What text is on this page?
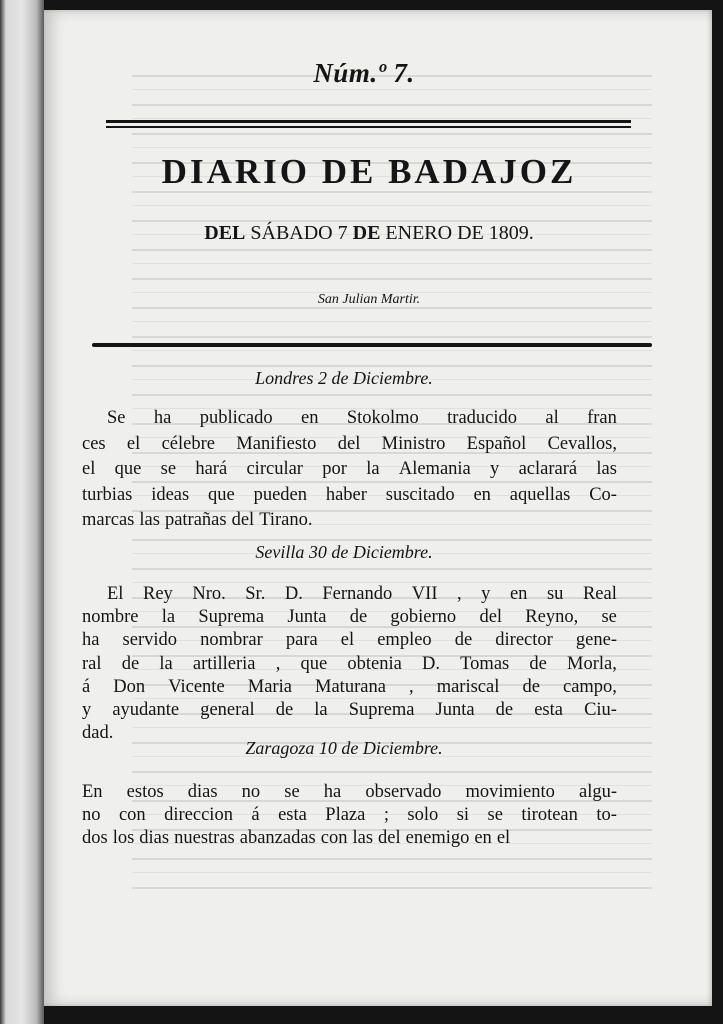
Núm.º 7.
DIARIO DE BADAJOZ
DEL SÁBADO 7 DE ENERO DE 1809.
San Julian Martir.
Londres 2 de Diciembre.
Se ha publicado en Stokolmo traducido al fran
ces el célebre Manifiesto del Ministro Español Cevallos,
el que se hará circular por la Alemania y aclarará las
turbias ideas que pueden haber suscitado en aquellas Co-
marcas las patrañas del Tirano.
Sevilla 30 de Diciembre.
El Rey Nro. Sr. D. Fernando VII , y en su Real
nombre la Suprema Junta de gobierno del Reyno, se
ha servido nombrar para el empleo de director gene-
ral de la artilleria , que obtenia D. Tomas de Morla,
á Don Vicente Maria Maturana , mariscal de campo,
y ayudante general de la Suprema Junta de esta Ciu-
dad.
Zaragoza 10 de Diciembre.
En estos dias no se ha observado movimiento algu-
no con direccion á esta Plaza ; solo si se tirotean to-
dos los dias nuestras abanzadas con las del enemigo en el
